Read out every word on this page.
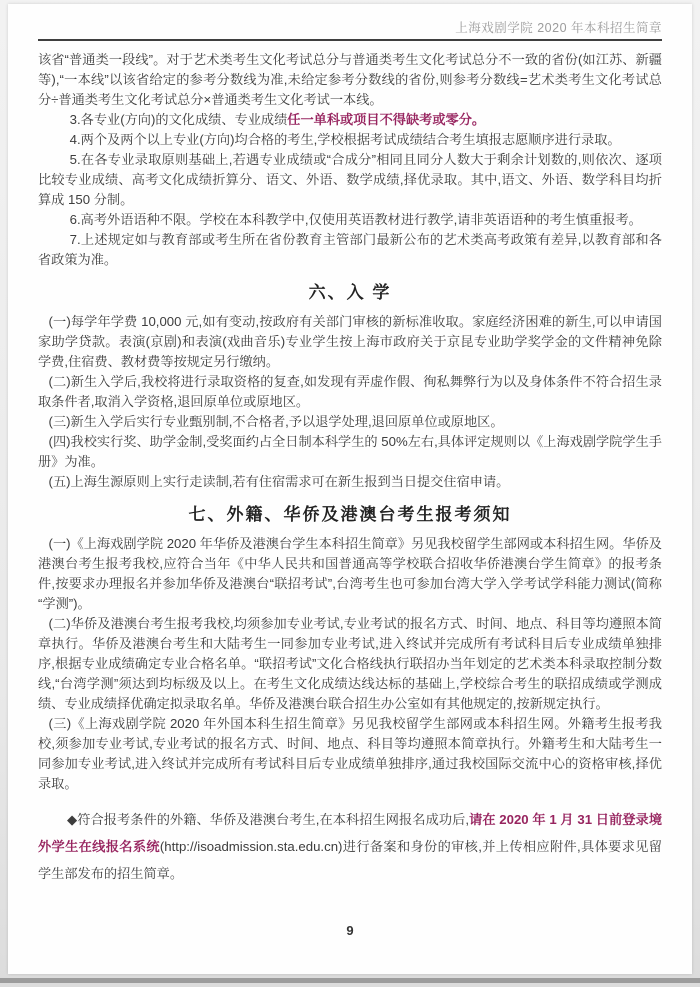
上海戏剧学院 2020 年本科招生简章

该省“普通类一段线”。对于艺术类考生文化考试总分与普通类考生文化考试总分不一致的省份(如江苏、新疆等),“一本线”以该省给定的参考分数线为准,未给定参考分数线的省份,则参考分数线=艺术类考生文化考试总分÷普通类考生文化考试总分×普通类考生文化考试一本线。

3.各专业(方向)的文化成绩、专业成绩任一单科或项目不得缺考或零分。

4.两个及两个以上专业(方向)均合格的考生,学校根据考试成绩结合考生填报志愿顺序进行录取。

5.在各专业录取原则基础上,若遇专业成绩或“合成分”相同且同分人数大于剩余计划数的,则依次、逐项比较专业成绩、高考文化成绩折算分、语文、外语、数学成绩,择优录取。其中,语文、外语、数学科目均折算成 150 分制。

6.高考外语语种不限。学校在本科教学中,仅使用英语教材进行教学,请非英语语种的考生慎重报考。

7.上述规定如与教育部或考生所在省份教育主管部门最新公布的艺术类高考政策有差异,以教育部和各省政策为准。

六、入 学

(一)每学年学费 10,000 元,如有变动,按政府有关部门审核的新标准收取。家庭经济困难的新生,可以申请国家助学贷款。表演(京剧)和表演(戏曲音乐)专业学生按上海市政府关于京昆专业助学奖学金的文件精神免除学费,住宿费、教材费等按规定另行缴纳。

(二)新生入学后,我校将进行录取资格的复查,如发现有弄虚作假、徇私舞弊行为以及身体条件不符合招生录取条件者,取消入学资格,退回原单位或原地区。

(三)新生入学后实行专业甄别制,不合格者,予以退学处理,退回原单位或原地区。

(四)我校实行奖、助学金制,受奖面约占全日制本科学生的 50%左右,具体评定规则以《上海戏剧学院学生手册》为准。

(五)上海生源原则上实行走读制,若有住宿需求可在新生报到当日提交住宿申请。

七、外籍、华侨及港澳台考生报考须知

(一)《上海戏剧学院 2020 年华侨及港澳台学生本科招生简章》另见我校留学生部网或本科招生网。华侨及港澳台考生报考我校,应符合当年《中华人民共和国普通高等学校联合招收华侨港澳台学生简章》的报考条件,按要求办理报名并参加华侨及港澳台“联招考试”,台湾考生也可参加台湾大学入学考试学科能力测试(简称“学测”)。

(二)华侨及港澳台考生报考我校,均须参加专业考试,专业考试的报名方式、时间、地点、科目等均遵照本简章执行。华侨及港澳台考生和大陆考生一同参加专业考试,进入终试并完成所有考试科目后专业成绩单独排序,根据专业成绩确定专业合格名单。“联招考试”文化合格线执行联招办当年划定的艺术类本科录取控制分数线,“台湾学测”须达到均标级及以上。在考生文化成绩达线达标的基础上,学校综合考生的联招成绩或学测成绩、专业成绩择优确定拟录取名单。华侨及港澳台联合招生办公室如有其他规定的,按新规定执行。

(三)《上海戏剧学院 2020 年外国本科生招生简章》另见我校留学生部网或本科招生网。外籍考生报考我校,须参加专业考试,专业考试的报名方式、时间、地点、科目等均遵照本简章执行。外籍考生和大陆考生一同参加专业考试,进入终试并完成所有考试科目后专业成绩单独排序,通过我校国际交流中心的资格审核,择优录取。

◆符合报考条件的外籍、华侨及港澳台考生,在本科招生网报名成功后,请在 2020 年 1 月 31 日前登录境外学生在线报名系统(http://isoadmission.sta.edu.cn)进行备案和身份的审核,并上传相应附件,具体要求见留学生部发布的招生简章。

9
